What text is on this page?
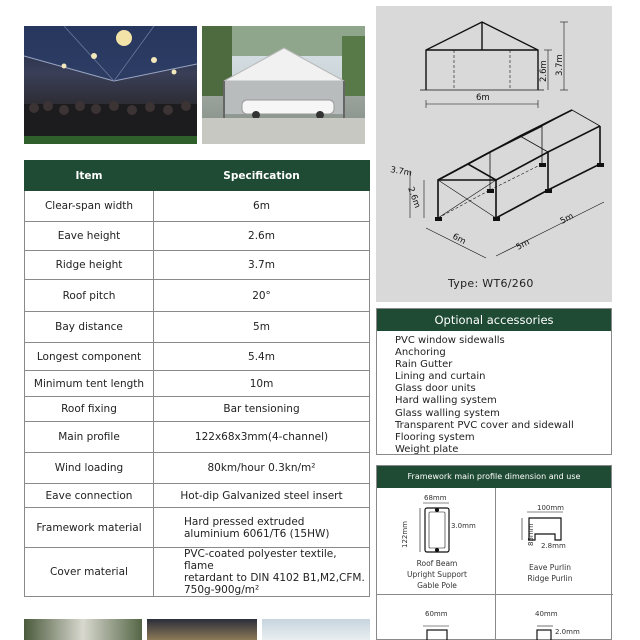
Item	Specification
Clear-span width	6m
Eave height	2.6m
Ridge height	3.7m
Roof pitch	20°
Bay distance	5m
Longest component	5.4m
Minimum tent length	10m
Roof fixing	Bar tensioning
Main profile	122x68x3mm(4-channel)
Wind loading	80km/hour 0.3kn/m²
Eave connection	Hot-dip Galvanized steel insert
Framework material	Hard pressed extruded
aluminium 6061/T6 (15HW)

Cover material	PVC-coated polyester textile, flame
retardant to DIN 4102 B1,M2,CFM.
750g-900g/m²
6m
2.6m 3.7m
3.7m
2.6m
6m	5m
5m
Type: WT6/260
Optional accessories
PVC window sidewalls
Anchoring
Rain Gutter
Lining and curtain
Glass door units
Hard walling system
Glass walling system
Transparent PVC cover and sidewall
Flooring system
Weight plate
Framework main profile dimension and use
68mm
122mm	3.0mm
Roof Beam
Upright Support
Gable Pole
100mm
85mm 2.8mm
Eave Purlin
Ridge Purlin
60mm	40mm
2.0mm
